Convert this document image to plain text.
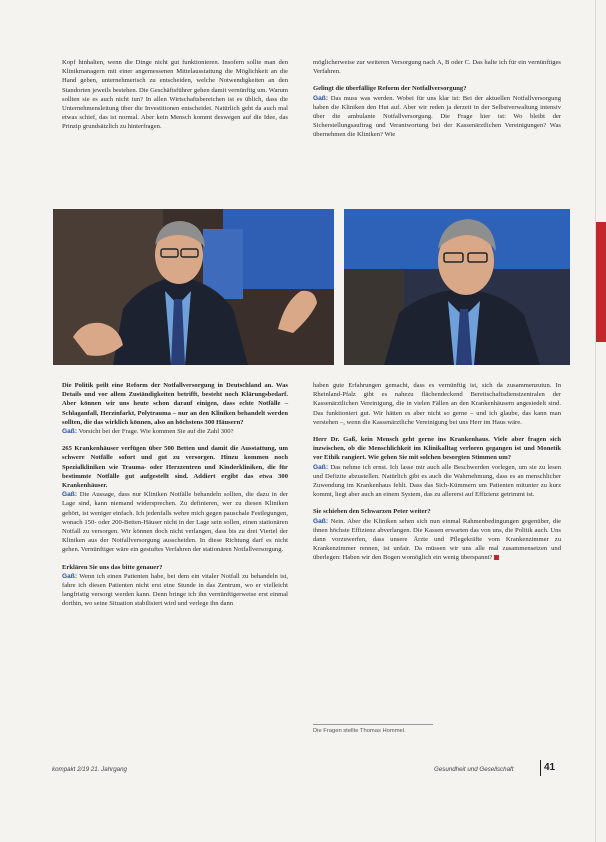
Kopf hinhalten, wenn die Dinge nicht gut funktionieren. Insofern sollte man den Klinikmanagern mit einer angemessenen Mittelausstattung die Möglichkeit an die Hand geben, unternehmerisch zu entscheiden, welche Notwendigkeiten an den Standorten jeweils bestehen. Die Geschäftsführer gehen damit vernünftig um. Warum sollten sie es auch nicht tun? In allen Wirtschaftsbereichen ist es üblich, dass die Unternehmensleitung über die Investitionen entscheidet. Natürlich geht da auch mal etwas schief, das ist normal. Aber kein Mensch kommt deswegen auf die Idee, das Prinzip grundsätzlich zu hinterfragen.

möglicherweise zur weiteren Versorgung nach A, B oder C. Das halte ich für ein vernünftiges Verfahren.

Gelingt die überfällige Reform der Notfallversorgung?

Gaß: Das muss was werden. Wobei für uns klar ist: Bei der aktuellen Notfallversorgung haben die Kliniken den Hut auf. Aber wir reden ja derzeit in der Selbstverwaltung intensiv über die ambulante Notfallversorgung. Die Frage hier ist: Wo bleibt der Sicherstellungsauftrag und Verantwortung bei der Kassenärztlichen Vereinigungen? Was übernehmen die Kliniken? Wie

Die Politik peilt eine Reform der Notfallversorgung in Deutschland an. Was Details und vor allem Zuständigkeiten betrifft, besteht noch Klärungsbedarf. Aber können wir uns heute schon darauf einigen, dass echte Notfälle – Schlaganfall, Herzinfarkt, Polytrauma – nur an den Kliniken behandelt werden sollten, die das wirklich können, also an höchstens 300 Häusern?

Gaß: Vorsicht bei der Frage. Wie kommen Sie auf die Zahl 300?

265 Krankenhäuser verfügen über 500 Betten und damit die Ausstattung, um schwere Notfälle sofort und gut zu versorgen. Hinzu kommen noch Spezialkliniken wie Trauma- oder Herzzentren und Kinderkliniken, die für bestimmte Notfälle gut aufgestellt sind. Addiert ergibt das etwa 300 Krankenhäuser.

Gaß: Die Aussage, dass nur Kliniken Notfälle behandeln sollten, die dazu in der Lage sind, kann niemand widersprechen. Zu definieren, wer zu diesen Kliniken gehört, ist weniger einfach. Ich jedenfalls wehre mich gegen pauschale Festlegungen, wonach 150- oder 200-Betten-Häuser nicht in der Lage sein sollen, einen stationären Notfall zu versorgen. Wir können doch nicht verlangen, dass bis zu drei Viertel der Kliniken aus der Notfallversorgung ausscheiden. In diese Richtung darf es nicht gehen. Vernünftiger wäre ein gestuftes Verfahren der stationären Notfallversorgung.

Erklären Sie uns das bitte genauer?

Gaß: Wenn ich einen Patienten habe, bei dem ein vitaler Notfall zu behandeln ist, fahre ich diesen Patienten nicht erst eine Stunde in das Zentrum, wo er vielleicht langfristig versorgt werden kann. Denn bringe ich ihn vernünftigerweise erst einmal dorthin, wo seine Situation stabilisiert wird und verlege ihn dann

haben gute Erfahrungen gemacht, dass es vernünftig ist, sich da zusammenzutun. In Rheinland-Pfalz gibt es nahezu flächendeckend Bereitschaftsdienstzentralen der Kassenärztlichen Vereinigung, die in vielen Fällen an den Krankenhäusern angesiedelt sind. Das funktioniert gut. Wir hätten es aber nicht so gerne – und ich glaube, das kann man verstehen –, wenn die Kassenärztliche Vereinigung bei uns Herr im Haus wäre.

Herr Dr. Gaß, kein Mensch geht gerne ins Krankenhaus. Viele aber fragen sich inzwischen, ob die Menschlichkeit im Klinikalltag verloren gegangen ist und Monetik vor Ethik rangiert. Wie gehen Sie mit solchen besorgten Stimmen um?

Gaß: Das nehme ich ernst. Ich lasse mir auch alle Beschwerden vorlegen, um sie zu lesen und Defizite abzustellen. Natürlich gibt es auch die Wahrnehmung, dass es an menschlicher Zuwendung im Krankenhaus fehlt. Dass das Sich-Kümmern um Patienten mitunter zu kurz kommt, liegt aber auch an einem System, das zu allererst auf Effizienz getrimmt ist.

Sie schieben den Schwarzen Peter weiter?

Gaß: Nein. Aber die Kliniken sehen sich nun einmal Rahmenbedingungen gegenüber, die ihnen höchste Effizienz abverlangen. Die Kassen erwarten das von uns, die Politik auch. Uns dann vorzuwerfen, dass unsere Ärzte und Pflegekräfte vom Krankenzimmer zu Krankenzimmer rennen, ist unfair. Da müssen wir uns alle mal zusammensetzen und überlegen: Haben wir den Bogen womöglich ein wenig überspannt?

Die Fragen stellte Thomas Hommel.
kompakt 2/19 21. Jahrgang	Gesundheit und Gesellschaft	41
